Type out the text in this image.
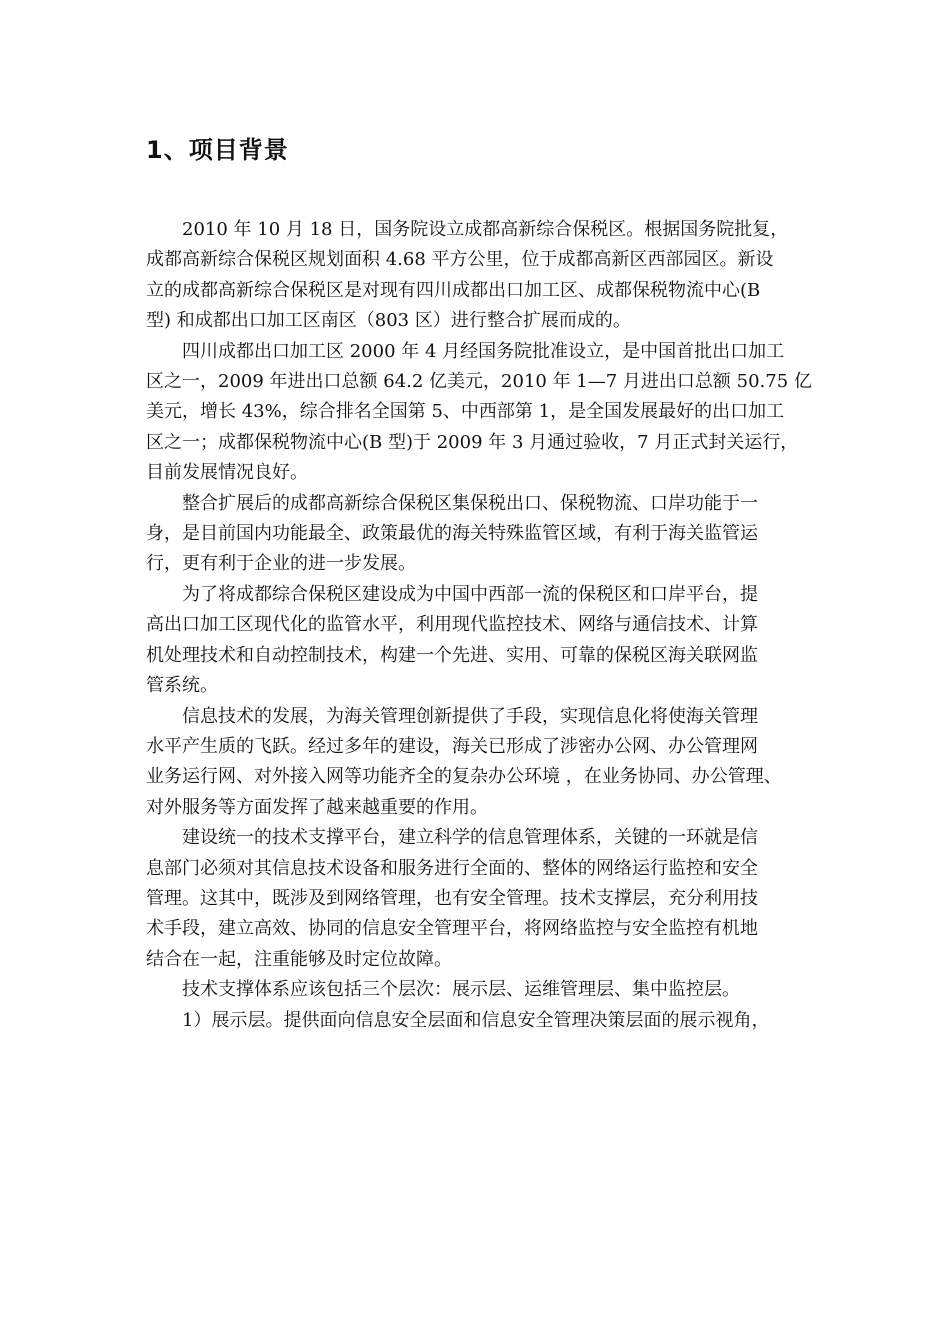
1、项目背景
2010 年 10 月 18 日，国务院设立成都高新综合保税区。根据国务院批复，
成都高新综合保税区规划面积 4.68 平方公里，位于成都高新区西部园区。新设
立的成都高新综合保税区是对现有四川成都出口加工区、成都保税物流中心(B
型) 和成都出口加工区南区（803 区）进行整合扩展而成的。
四川成都出口加工区 2000 年 4 月经国务院批准设立，是中国首批出口加工
区之一，2009 年进出口总额 64.2 亿美元，2010 年 1—7 月进出口总额 50.75 亿
美元，增长 43%，综合排名全国第 5、中西部第 1，是全国发展最好的出口加工
区之一；成都保税物流中心(B 型)于 2009 年 3 月通过验收，7 月正式封关运行，
目前发展情况良好。
整合扩展后的成都高新综合保税区集保税出口、保税物流、口岸功能于一
身，是目前国内功能最全、政策最优的海关特殊监管区域，有利于海关监管运
行，更有利于企业的进一步发展。
为了将成都综合保税区建设成为中国中西部一流的保税区和口岸平台，提
高出口加工区现代化的监管水平，利用现代监控技术、网络与通信技术、计算
机处理技术和自动控制技术，构建一个先进、实用、可靠的保税区海关联网监
管系统。
信息技术的发展，为海关管理创新提供了手段，实现信息化将使海关管理
水平产生质的飞跃。经过多年的建设，海关已形成了涉密办公网、办公管理网
业务运行网、对外接入网等功能齐全的复杂办公环境 ，在业务协同、办公管理、
对外服务等方面发挥了越来越重要的作用。
建设统一的技术支撑平台，建立科学的信息管理体系，关键的一环就是信
息部门必须对其信息技术设备和服务进行全面的、整体的网络运行监控和安全
管理。这其中，既涉及到网络管理，也有安全管理。技术支撑层，充分利用技
术手段，建立高效、协同的信息安全管理平台，将网络监控与安全监控有机地
结合在一起，注重能够及时定位故障。
技术支撑体系应该包括三个层次：展示层、运维管理层、集中监控层。
1）展示层。提供面向信息安全层面和信息安全管理决策层面的展示视角，
